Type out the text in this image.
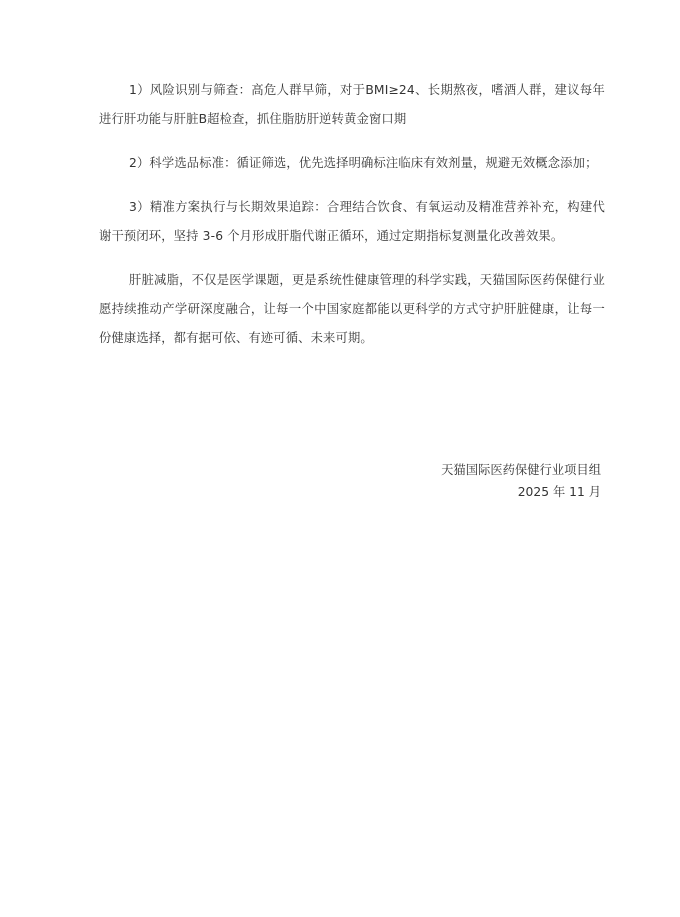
1）风险识别与筛查：高危人群早筛，对于BMI≥24、长期熬夜，嗜酒人群，建议每年进行肝功能与肝脏B超检查，抓住脂肪肝逆转黄金窗口期

2）科学选品标准：循证筛选，优先选择明确标注临床有效剂量，规避无效概念添加；

3）精准方案执行与长期效果追踪：合理结合饮食、有氧运动及精准营养补充，构建代谢干预闭环，坚持 3-6 个月形成肝脂代谢正循环，通过定期指标复测量化改善效果。

肝脏减脂，不仅是医学课题，更是系统性健康管理的科学实践，天猫国际医药保健行业愿持续推动产学研深度融合，让每一个中国家庭都能以更科学的方式守护肝脏健康，让每一份健康选择，都有据可依、有迹可循、未来可期。

天猫国际医药保健行业项目组
2025 年 11 月
